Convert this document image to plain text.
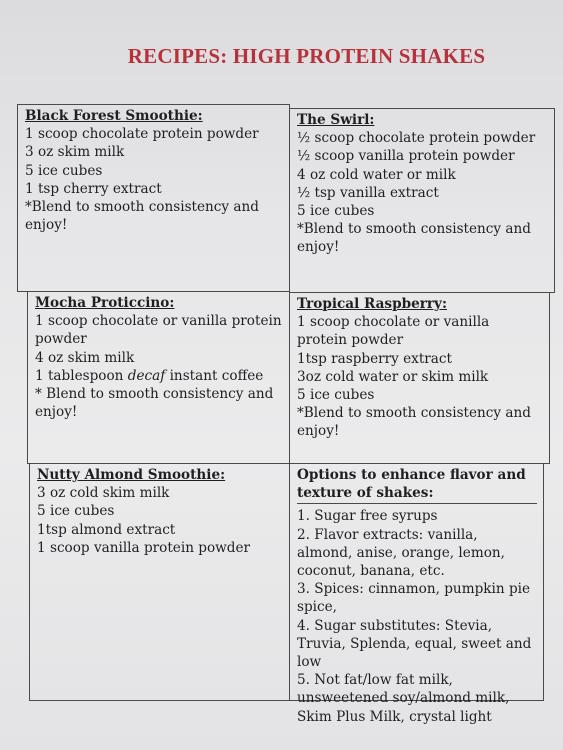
RECIPES: HIGH PROTEIN SHAKES
Black Forest Smoothie:
1 scoop chocolate protein powder
3 oz skim milk
5 ice cubes
1 tsp cherry extract
*Blend to smooth consistency and enjoy!
The Swirl:
½ scoop chocolate protein powder
½ scoop vanilla protein powder
4 oz cold water or milk
½ tsp vanilla extract
5 ice cubes
*Blend to smooth consistency and enjoy!
Mocha Proticcino:
1 scoop chocolate or vanilla protein powder
4 oz skim milk
1 tablespoon decaf instant coffee
* Blend to smooth consistency and enjoy!
Tropical Raspberry:
1 scoop chocolate or vanilla protein powder
1tsp raspberry extract
3oz cold water or skim milk
5 ice cubes
*Blend to smooth consistency and enjoy!
Nutty Almond Smoothie:
3 oz cold skim milk
5 ice cubes
1tsp almond extract
1 scoop vanilla protein powder
Options to enhance flavor and texture of shakes:
1. Sugar free syrups
2. Flavor extracts: vanilla, almond, anise, orange, lemon, coconut, banana, etc.
3. Spices: cinnamon, pumpkin pie spice,
4. Sugar substitutes: Stevia, Truvia, Splenda, equal, sweet and low
5. Not fat/low fat milk, unsweetened soy/almond milk, Skim Plus Milk, crystal light
